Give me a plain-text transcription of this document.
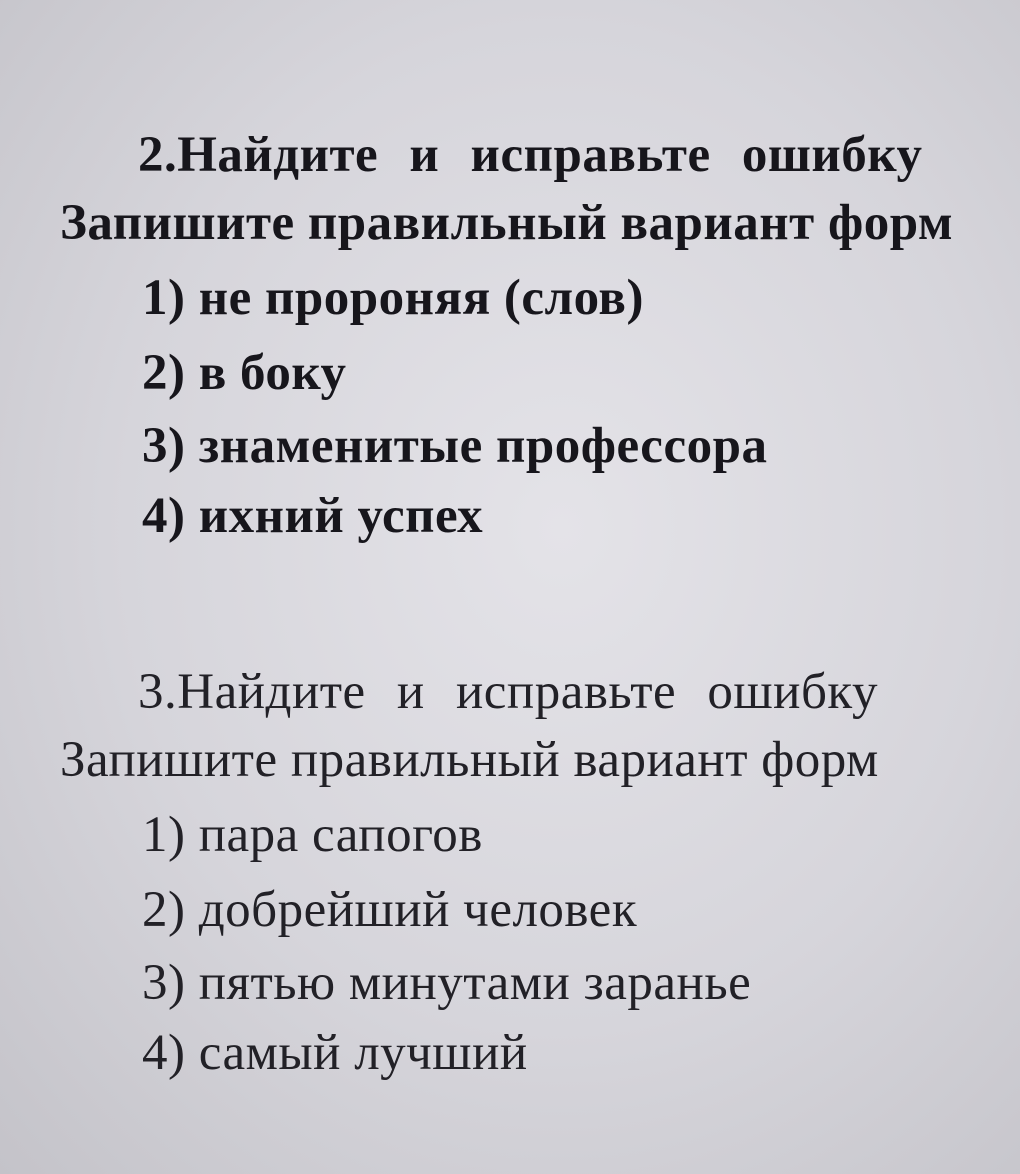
2.Найдите и исправьте ошибку
Запишите правильный вариант форм
1) не пророняя (слов)
2) в боку
3) знаменитые профессора
4) ихний успех
3.Найдите и исправьте ошибку
Запишите правильный вариант форм
1) пара сапогов
2) добрейший человек
3) пятью минутами заранье
4) самый лучший
